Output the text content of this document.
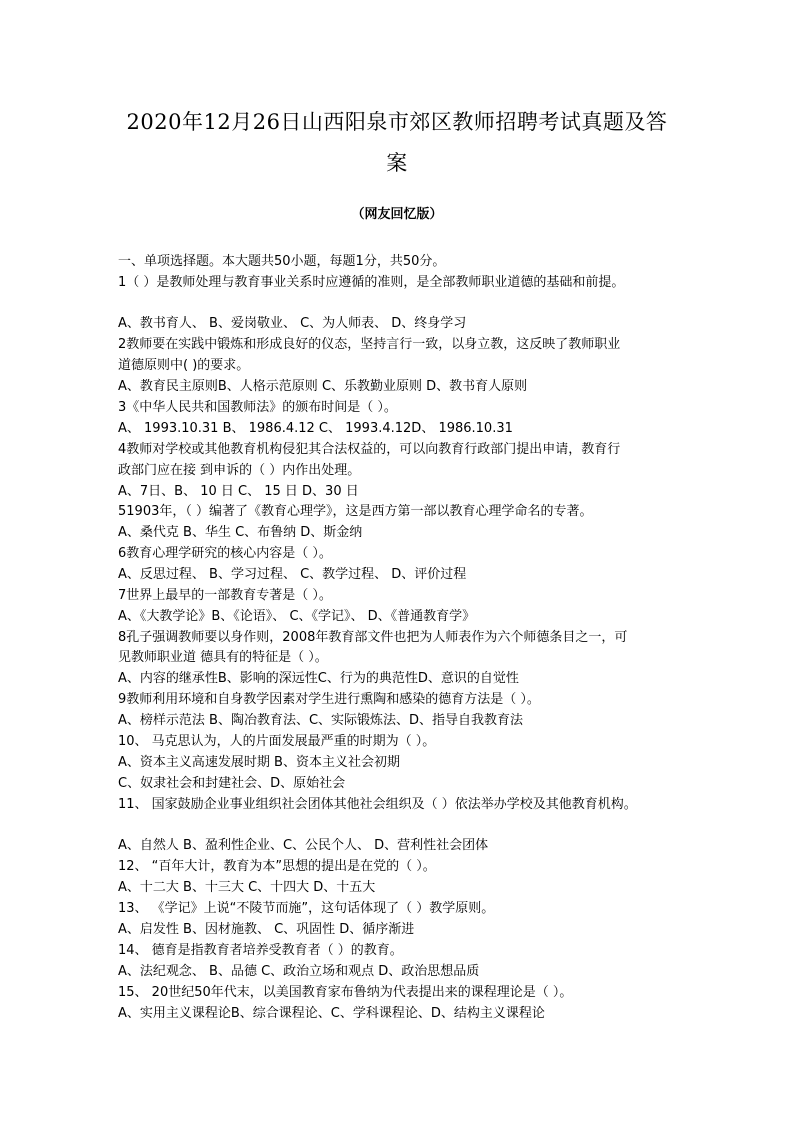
2020年12月26日山西阳泉市郊区教师招聘考试真题及答
案
（网友回忆版）
一、单项选择题。本大题共50小题，每题1分，共50分。
1（ ）是教师处理与教育事业关系时应遵循的准则，是全部教师职业道德的基础和前提。
A、教书育人、 B、爱岗敬业、 C、为人师表、 D、终身学习
2教师要在实践中锻炼和形成良好的仪态，坚持言行一致，以身立教，这反映了教师职业
道德原则中( )的要求。
A、教育民主原则B、人格示范原则 C、乐教勤业原则 D、教书育人原则
3《中华人民共和国教师法》的颁布时间是（ ）。
A、 1993.10.31 B、 1986.4.12 C、 1993.4.12D、 1986.10.31
4教师对学校或其他教育机构侵犯其合法权益的，可以向教育行政部门提出申请，教育行
政部门应在接 到申诉的（ ）内作出处理。
A、7日、B、 10 日 C、 15 日 D、30 日
51903年，（ ）编著了《教育心理学》，这是西方第一部以教育心理学命名的专著。
A、桑代克 B、华生 C、布鲁纳 D、斯金纳
6教育心理学研究的核心内容是（ ）。
A、反思过程、 B、学习过程、 C、教学过程、 D、评价过程
7世界上最早的一部教育专著是（ ）。
A、《大教学论》B、《论语》、 C、《学记》、 D、《普通教育学》
8孔子强调教师要以身作则，2008年教育部文件也把为人师表作为六个师德条目之一，可
见教师职业道 德具有的特征是（ ）。
A、内容的继承性B、影响的深远性C、行为的典范性D、意识的自觉性
9教师利用环境和自身教学因素对学生进行熏陶和感染的德育方法是（ ）。
A、榜样示范法 B、陶冶教育法、C、实际锻炼法、D、指导自我教育法
10、 马克思认为，人的片面发展最严重的时期为（ ）。
A、资本主义高速发展时期 B、资本主义社会初期
C、奴隶社会和封建社会、D、原始社会
11、 国家鼓励企业事业组织社会团体其他社会组织及（ ）依法举办学校及其他教育机构。
A、自然人 B、盈利性企业、C、公民个人、 D、营利性社会团体
12、 “百年大计，教育为本”思想的提出是在党的（ ）。
A、十二大 B、十三大 C、十四大 D、十五大
13、 《学记》上说“不陵节而施”，这句话体现了（ ）教学原则。
A、启发性 B、因材施教、 C、巩固性 D、循序渐进
14、 德育是指教育者培养受教育者（ ）的教育。
A、法纪观念、 B、品德 C、政治立场和观点 D、政治思想品质
15、 20世纪50年代末，以美国教育家布鲁纳为代表提出来的课程理论是（ ）。
A、实用主义课程论B、综合课程论、C、学科课程论、D、结构主义课程论
